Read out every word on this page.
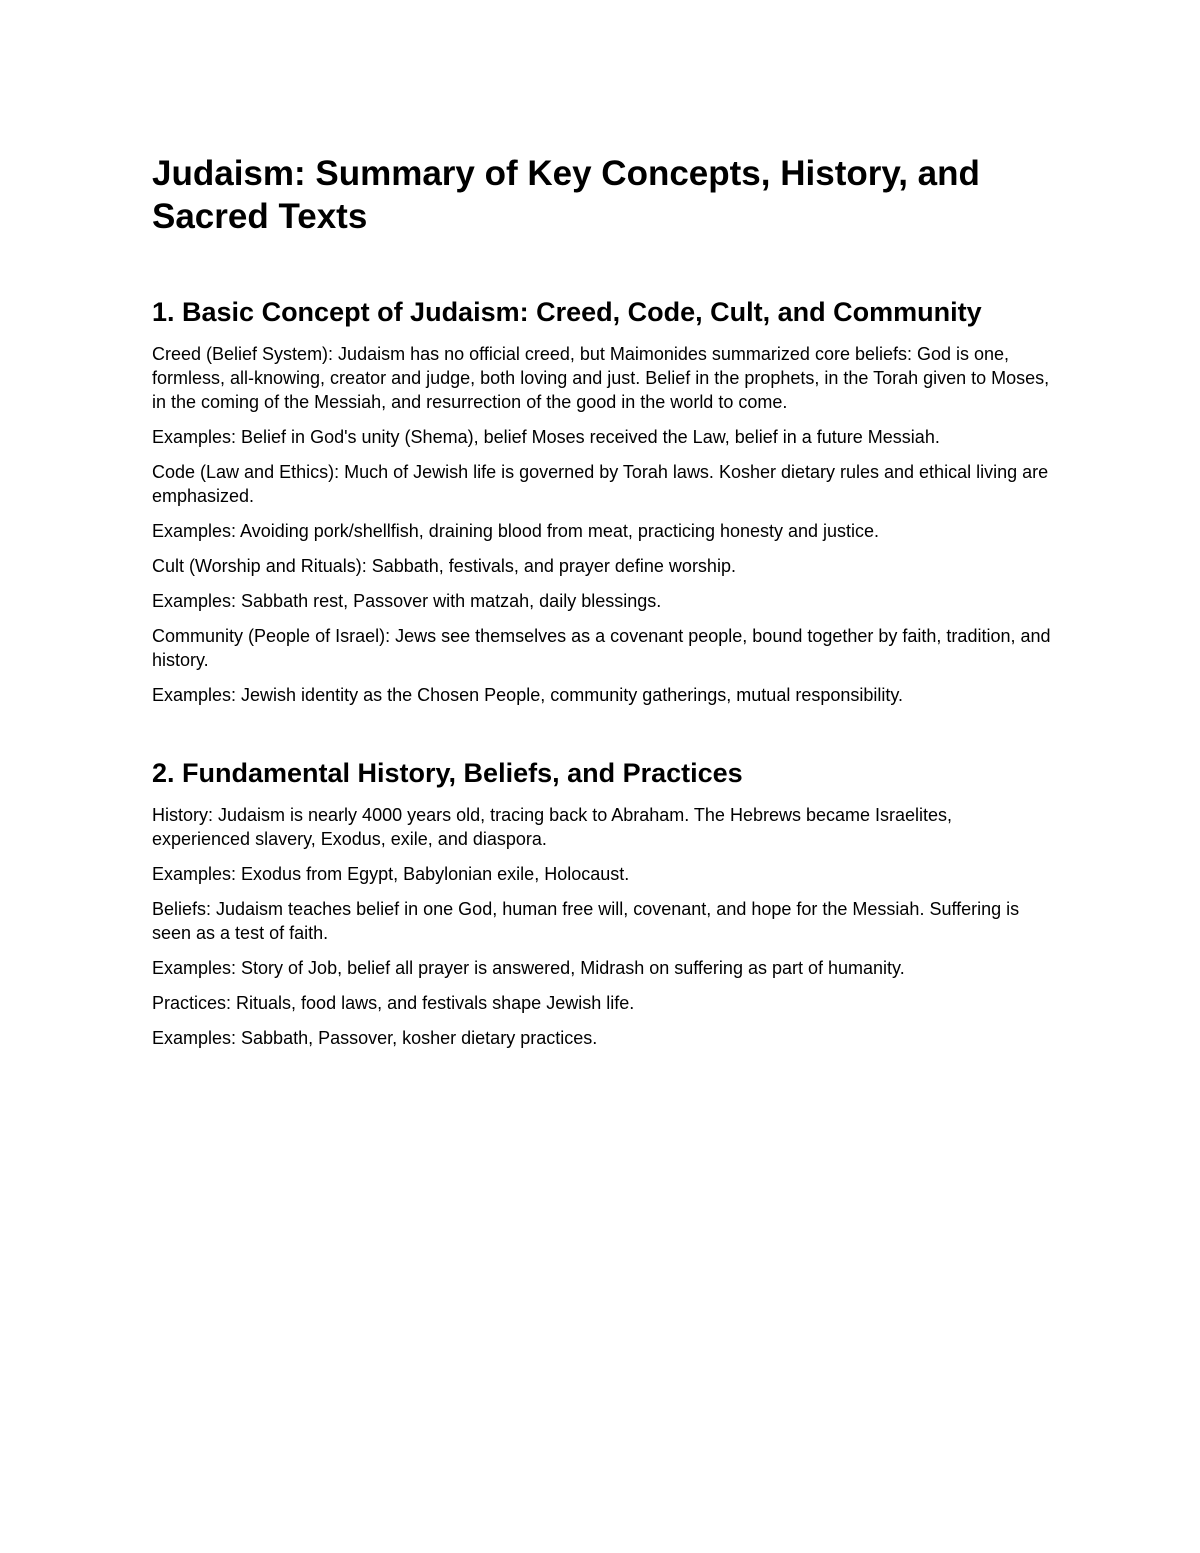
Judaism: Summary of Key Concepts, History, and Sacred Texts
1. Basic Concept of Judaism: Creed, Code, Cult, and Community

Creed (Belief System): Judaism has no official creed, but Maimonides summarized core beliefs: God is one, formless, all-knowing, creator and judge, both loving and just. Belief in the prophets, in the Torah given to Moses, in the coming of the Messiah, and resurrection of the good in the world to come.

Examples: Belief in God's unity (Shema), belief Moses received the Law, belief in a future Messiah.

Code (Law and Ethics): Much of Jewish life is governed by Torah laws. Kosher dietary rules and ethical living are emphasized.

Examples: Avoiding pork/shellfish, draining blood from meat, practicing honesty and justice.

Cult (Worship and Rituals): Sabbath, festivals, and prayer define worship.

Examples: Sabbath rest, Passover with matzah, daily blessings.

Community (People of Israel): Jews see themselves as a covenant people, bound together by faith, tradition, and history.

Examples: Jewish identity as the Chosen People, community gatherings, mutual responsibility.

2. Fundamental History, Beliefs, and Practices

History: Judaism is nearly 4000 years old, tracing back to Abraham. The Hebrews became Israelites, experienced slavery, Exodus, exile, and diaspora.

Examples: Exodus from Egypt, Babylonian exile, Holocaust.

Beliefs: Judaism teaches belief in one God, human free will, covenant, and hope for the Messiah. Suffering is seen as a test of faith.

Examples: Story of Job, belief all prayer is answered, Midrash on suffering as part of humanity.

Practices: Rituals, food laws, and festivals shape Jewish life.

Examples: Sabbath, Passover, kosher dietary practices.
